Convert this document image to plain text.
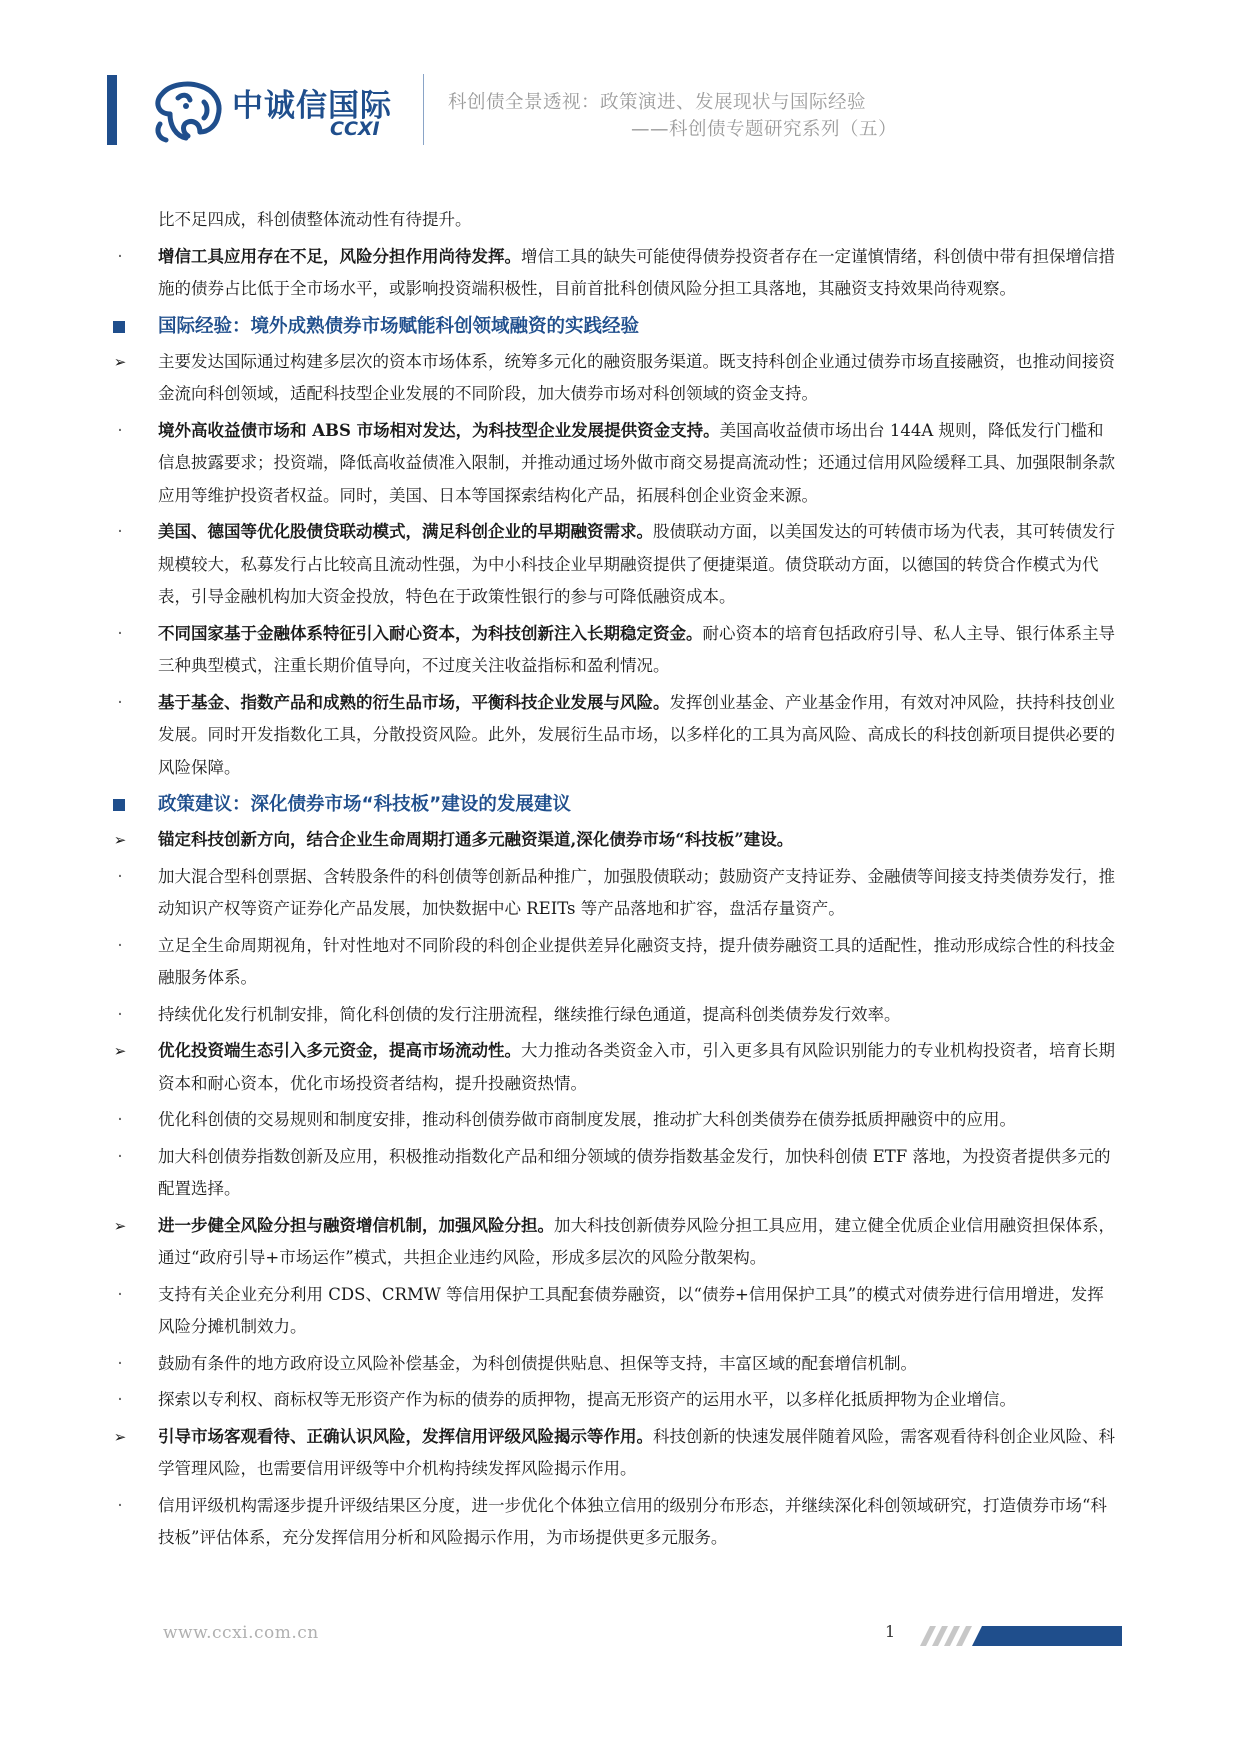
中诚信国际
CCXI
科创债全景透视：政策演进、发展现状与国际经验
——科创债专题研究系列（五）
比不足四成，科创债整体流动性有待提升。
·	增信工具应用存在不足，风险分担作用尚待发挥。增信工具的缺失可能使得债券投资者存在一定谨慎情绪，科创债中带有担保增信措施的债券占比低于全市场水平，或影响投资端积极性，目前首批科创债风险分担工具落地，其融资支持效果尚待观察。
国际经验：境外成熟债券市场赋能科创领域融资的实践经验
➢ 主要发达国际通过构建多层次的资本市场体系，统筹多元化的融资服务渠道。既支持科创企业通过债券市场直接融资，也推动间接资金流向科创领域，适配科技型企业发展的不同阶段，加大债券市场对科创领域的资金支持。
·	境外高收益债市场和 ABS 市场相对发达，为科技型企业发展提供资金支持。美国高收益债市场出台 144A 规则，降低发行门槛和信息披露要求；投资端，降低高收益债准入限制，并推动通过场外做市商交易提高流动性；还通过信用风险缓释工具、加强限制条款应用等维护投资者权益。同时，美国、日本等国探索结构化产品，拓展科创企业资金来源。
·	美国、德国等优化股债贷联动模式，满足科创企业的早期融资需求。股债联动方面，以美国发达的可转债市场为代表，其可转债发行规模较大，私募发行占比较高且流动性强，为中小科技企业早期融资提供了便捷渠道。债贷联动方面，以德国的转贷合作模式为代表，引导金融机构加大资金投放，特色在于政策性银行的参与可降低融资成本。
·	不同国家基于金融体系特征引入耐心资本，为科技创新注入长期稳定资金。耐心资本的培育包括政府引导、私人主导、银行体系主导三种典型模式，注重长期价值导向，不过度关注收益指标和盈利情况。
·	基于基金、指数产品和成熟的衍生品市场，平衡科技企业发展与风险。发挥创业基金、产业基金作用，有效对冲风险，扶持科技创业发展。同时开发指数化工具，分散投资风险。此外，发展衍生品市场，以多样化的工具为高风险、高成长的科技创新项目提供必要的风险保障。
政策建议：深化债券市场“科技板”建设的发展建议
➢ 锚定科技创新方向，结合企业生命周期打通多元融资渠道,深化债券市场“科技板”建设。
·	加大混合型科创票据、含转股条件的科创债等创新品种推广，加强股债联动；鼓励资产支持证券、金融债等间接支持类债券发行，推动知识产权等资产证券化产品发展，加快数据中心 REITs 等产品落地和扩容，盘活存量资产。
·	立足全生命周期视角，针对性地对不同阶段的科创企业提供差异化融资支持，提升债券融资工具的适配性，推动形成综合性的科技金融服务体系。
·	持续优化发行机制安排，简化科创债的发行注册流程，继续推行绿色通道，提高科创类债券发行效率。
➢ 优化投资端生态引入多元资金，提高市场流动性。大力推动各类资金入市，引入更多具有风险识别能力的专业机构投资者，培育长期资本和耐心资本，优化市场投资者结构，提升投融资热情。
·	优化科创债的交易规则和制度安排，推动科创债券做市商制度发展，推动扩大科创类债券在债券抵质押融资中的应用。
·	加大科创债券指数创新及应用，积极推动指数化产品和细分领域的债券指数基金发行，加快科创债 ETF 落地，为投资者提供多元的配置选择。
➢ 进一步健全风险分担与融资增信机制，加强风险分担。加大科技创新债券风险分担工具应用，建立健全优质企业信用融资担保体系，通过“政府引导+市场运作”模式，共担企业违约风险，形成多层次的风险分散架构。
·	支持有关企业充分利用 CDS、CRMW 等信用保护工具配套债券融资，以“债券+信用保护工具”的模式对债券进行信用增进，发挥风险分摊机制效力。
·	鼓励有条件的地方政府设立风险补偿基金，为科创债提供贴息、担保等支持，丰富区域的配套增信机制。
·	探索以专利权、商标权等无形资产作为标的债券的质押物，提高无形资产的运用水平，以多样化抵质押物为企业增信。
➢ 引导市场客观看待、正确认识风险，发挥信用评级风险揭示等作用。科技创新的快速发展伴随着风险，需客观看待科创企业风险、科学管理风险，也需要信用评级等中介机构持续发挥风险揭示作用。
·	信用评级机构需逐步提升评级结果区分度，进一步优化个体独立信用的级别分布形态，并继续深化科创领域研究，打造债券市场“科技板”评估体系，充分发挥信用分析和风险揭示作用，为市场提供更多元服务。
www.ccxi.com.cn	1
